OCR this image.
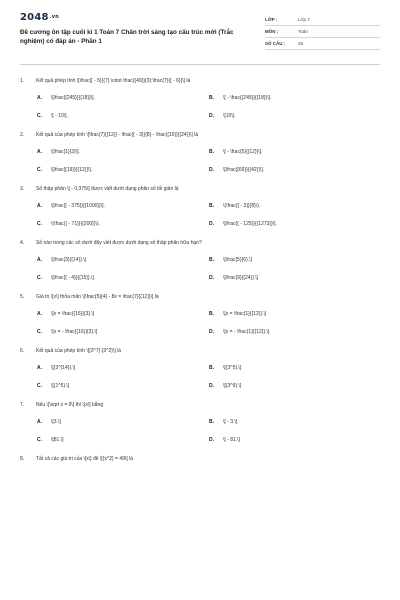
$2048^{.vn}$
Đề cương ôn tập cuối kì 1 Toán 7 Chân trời sáng tạo cấu trúc mới (Trắc nghiệm) có đáp án - Phần 1
LỚP :	Lớp 7
MÔN :	Toán
SỐ CÂU :	25
1.	Kết quả phép tính \[\frac{{ - 5}}{7} \cdot \frac{{49}}{3}:\frac{7}{{ - 6}}\] là
A.	\[\frac{{245}}{{18}}\].	B.	\[ - \frac{{245}}{{18}}\].
C.	\[ - 10\].	D.	\[10\].
2.	Kết quả của phép tính \[\frac{7}{{12}} - \frac{{ - 3}}{8} - \frac{{15}}{{24}}\] là
A.	\[\frac{1}{3}\].	B.	\[ - \frac{5}{{12}}\].
C.	\[\frac{{19}}{{12}}\].	D.	\[\frac{{69}}{{42}}\].
3.	Số thập phân \[ - 0,375\] được viết dưới dạng phân số tối giản là
A.	\[\frac{{ - 375}}{{1000}}\].	B.	\(\frac{{ - 3}}{8}\).
C.	\(\frac{{ - 71}}{{200}}\).	D.	\[\frac{{ - 125}}{{1273}}\].
4.	Số nào trong các số dưới đây viết được dưới dạng số thập phân hữu hạn?
A.	\[\frac{3}{{14}}.\]	B.	\[\frac{5}{6}.\]
C.	\[\frac{{ - 4}}{{15}}.\]	D.	\[\frac{9}{{24}}.\]
5.	Giá trị \[x\] thỏa mãn \[\frac{5}{4} - 8x = \frac{7}{{12}}\] là
A.	\[x = \frac{{16}}{3}.\]	B.	\[x = \frac{1}{{12}}.\]
C.	\[x = - \frac{{16}}{3}.\]	D.	\[x = - \frac{1}{{12}}.\]
6.	Kết quả của phép tính \[{3^7}:{3^2}\] là
A.	\[{3^{14}}.\]	B.	\[{3^5}.\]
C.	\[{1^5}.\]	D.	\[{3^9}.\]
7.	Nếu \[\sqrt x = 9\] thì \[x\] bằng
A.	\[3.\]	B.	\[ - 3.\]
C.	\[81.\]	D.	\[ - 81.\]
8.	Tất cả các giá trị của \[x\] để \[{x^2} = 49\] là
